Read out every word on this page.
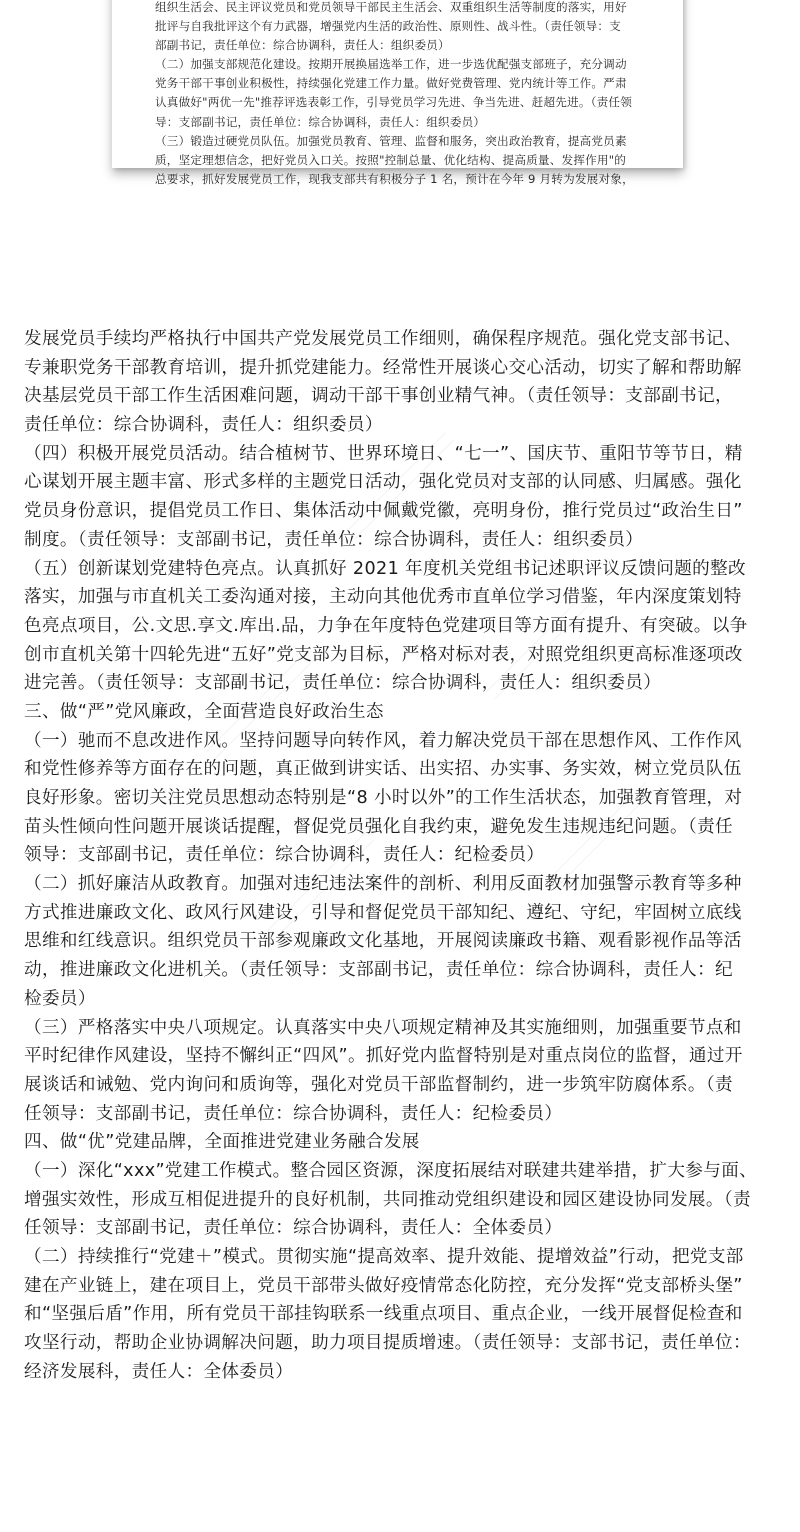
组织生活会、民主评议党员和党员领导干部民主生活会、双重组织生活等制度的落实，用好
批评与自我批评这个有力武器，增强党内生活的政治性、原则性、战斗性。（责任领导：支
部副书记，责任单位：综合协调科，责任人：组织委员）
（二）加强支部规范化建设。按期开展换届选举工作，进一步选优配强支部班子，充分调动
党务干部干事创业积极性，持续强化党建工作力量。做好党费管理、党内统计等工作。严肃
认真做好"两优一先"推荐评选表彰工作，引导党员学习先进、争当先进、赶超先进。（责任领
导：支部副书记，责任单位：综合协调科，责任人：组织委员）
（三）锻造过硬党员队伍。加强党员教育、管理、监督和服务，突出政治教育，提高党员素
质，坚定理想信念，把好党员入口关。按照"控制总量、优化结构、提高质量、发挥作用"的
总要求，抓好发展党员工作，现我支部共有积极分子 1 名，预计在今年 9 月转为发展对象，
发展党员手续均严格执行中国共产党发展党员工作细则，确保程序规范。强化党支部书记、
专兼职党务干部教育培训，提升抓党建能力。经常性开展谈心交心活动，切实了解和帮助解
决基层党员干部工作生活困难问题，调动干部干事创业精气神。（责任领导：支部副书记，
责任单位：综合协调科，责任人：组织委员）
（四）积极开展党员活动。结合植树节、世界环境日、“七一”、国庆节、重阳节等节日，精
心谋划开展主题丰富、形式多样的主题党日活动，强化党员对支部的认同感、归属感。强化
党员身份意识，提倡党员工作日、集体活动中佩戴党徽，亮明身份，推行党员过“政治生日”
制度。（责任领导：支部副书记，责任单位：综合协调科，责任人：组织委员）
（五）创新谋划党建特色亮点。认真抓好 2021 年度机关党组书记述职评议反馈问题的整改
落实，加强与市直机关工委沟通对接，主动向其他优秀市直单位学习借鉴，年内深度策划特
色亮点项目，公.文思.享文.库出.品，力争在年度特色党建项目等方面有提升、有突破。以争
创市直机关第十四轮先进“五好”党支部为目标，严格对标对表，对照党组织更高标准逐项改
进完善。（责任领导：支部副书记，责任单位：综合协调科，责任人：组织委员）
三、做“严”党风廉政，全面营造良好政治生态
（一）驰而不息改进作风。坚持问题导向转作风，着力解决党员干部在思想作风、工作作风
和党性修养等方面存在的问题，真正做到讲实话、出实招、办实事、务实效，树立党员队伍
良好形象。密切关注党员思想动态特别是“8 小时以外”的工作生活状态，加强教育管理，对
苗头性倾向性问题开展谈话提醒，督促党员强化自我约束，避免发生违规违纪问题。（责任
领导：支部副书记，责任单位：综合协调科，责任人：纪检委员）
（二）抓好廉洁从政教育。加强对违纪违法案件的剖析、利用反面教材加强警示教育等多种
方式推进廉政文化、政风行风建设，引导和督促党员干部知纪、遵纪、守纪，牢固树立底线
思维和红线意识。组织党员干部参观廉政文化基地，开展阅读廉政书籍、观看影视作品等活
动，推进廉政文化进机关。（责任领导：支部副书记，责任单位：综合协调科，责任人：纪
检委员）
（三）严格落实中央八项规定。认真落实中央八项规定精神及其实施细则，加强重要节点和
平时纪律作风建设，坚持不懈纠正“四风”。抓好党内监督特别是对重点岗位的监督，通过开
展谈话和诫勉、党内询问和质询等，强化对党员干部监督制约，进一步筑牢防腐体系。（责
任领导：支部副书记，责任单位：综合协调科，责任人：纪检委员）
四、做“优”党建品牌，全面推进党建业务融合发展
（一）深化“xxx”党建工作模式。整合园区资源，深度拓展结对联建共建举措，扩大参与面、
增强实效性，形成互相促进提升的良好机制，共同推动党组织建设和园区建设协同发展。（责
任领导：支部副书记，责任单位：综合协调科，责任人：全体委员）
（二）持续推行“党建＋”模式。贯彻实施“提高效率、提升效能、提增效益”行动，把党支部
建在产业链上，建在项目上，党员干部带头做好疫情常态化防控，充分发挥“党支部桥头堡”
和“坚强后盾”作用，所有党员干部挂钩联系一线重点项目、重点企业，一线开展督促检查和
攻坚行动，帮助企业协调解决问题，助力项目提质增速。（责任领导：支部书记，责任单位：
经济发展科，责任人：全体委员）
